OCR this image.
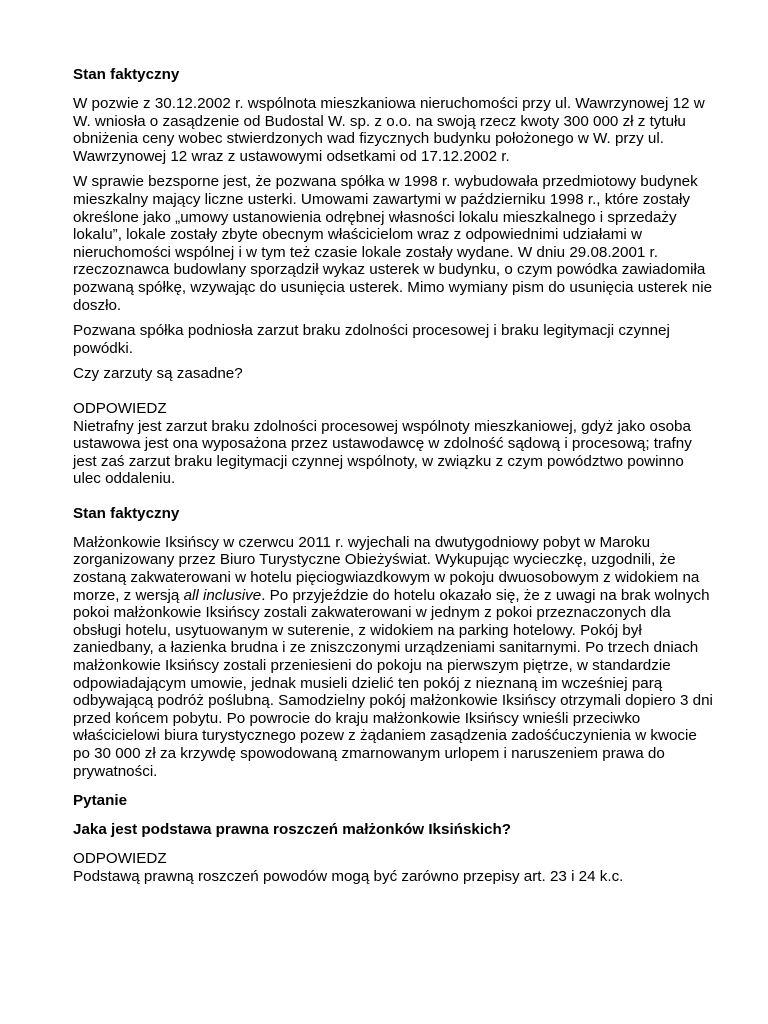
Stan faktyczny

W pozwie z 30.12.2002 r. wspólnota mieszkaniowa nieruchomości przy ul. Wawrzynowej 12 w W. wniosła o zasądzenie od Budostal W. sp. z o.o. na swoją rzecz kwoty 300 000 zł z tytułu obniżenia ceny wobec stwierdzonych wad fizycznych budynku położonego w W. przy ul. Wawrzynowej 12 wraz z ustawowymi odsetkami od 17.12.2002 r.

W sprawie bezsporne jest, że pozwana spółka w 1998 r. wybudowała przedmiotowy budynek mieszkalny mający liczne usterki. Umowami zawartymi w październiku 1998 r., które zostały określone jako „umowy ustanowienia odrębnej własności lokalu mieszkalnego i sprzedaży lokalu”, lokale zostały zbyte obecnym właścicielom wraz z odpowiednimi udziałami w nieruchomości wspólnej i w tym też czasie lokale zostały wydane. W dniu 29.08.2001 r. rzeczoznawca budowlany sporządził wykaz usterek w budynku, o czym powódka zawiadomiła pozwaną spółkę, wzywając do usunięcia usterek. Mimo wymiany pism do usunięcia usterek nie doszło.

Pozwana spółka podniosła zarzut braku zdolności procesowej i braku legitymacji czynnej powódki.

Czy zarzuty są zasadne?

ODPOWIEDZ

Nietrafny jest zarzut braku zdolności procesowej wspólnoty mieszkaniowej, gdyż jako osoba ustawowa jest ona wyposażona przez ustawodawcę w zdolność sądową i procesową; trafny jest zaś zarzut braku legitymacji czynnej wspólnoty, w związku z czym powództwo powinno ulec oddaleniu.

Stan faktyczny

Małżonkowie Iksińscy w czerwcu 2011 r. wyjechali na dwutygodniowy pobyt w Maroku zorganizowany przez Biuro Turystyczne Obieżyświat. Wykupując wycieczkę, uzgodnili, że zostaną zakwaterowani w hotelu pięciogwiazdkowym w pokoju dwuosobowym z widokiem na morze, z wersją all inclusive. Po przyjeździe do hotelu okazało się, że z uwagi na brak wolnych pokoi małżonkowie Iksińscy zostali zakwaterowani w jednym z pokoi przeznaczonych dla obsługi hotelu, usytuowanym w suterenie, z widokiem na parking hotelowy. Pokój był zaniedbany, a łazienka brudna i ze zniszczonymi urządzeniami sanitarnymi. Po trzech dniach małżonkowie Iksińscy zostali przeniesieni do pokoju na pierwszym piętrze, w standardzie odpowiadającym umowie, jednak musieli dzielić ten pokój z nieznaną im wcześniej parą odbywającą podróż poślubną. Samodzielny pokój małżonkowie Iksińscy otrzymali dopiero 3 dni przed końcem pobytu. Po powrocie do kraju małżonkowie Iksińscy wnieśli przeciwko właścicielowi biura turystycznego pozew z żądaniem zasądzenia zadośćuczynienia w kwocie po 30 000 zł za krzywdę spowodowaną zmarnowanym urlopem i naruszeniem prawa do prywatności.

Pytanie

Jaka jest podstawa prawna roszczeń małżonków Iksińskich?

ODPOWIEDZ

Podstawą prawną roszczeń powodów mogą być zarówno przepisy art. 23 i 24 k.c.
